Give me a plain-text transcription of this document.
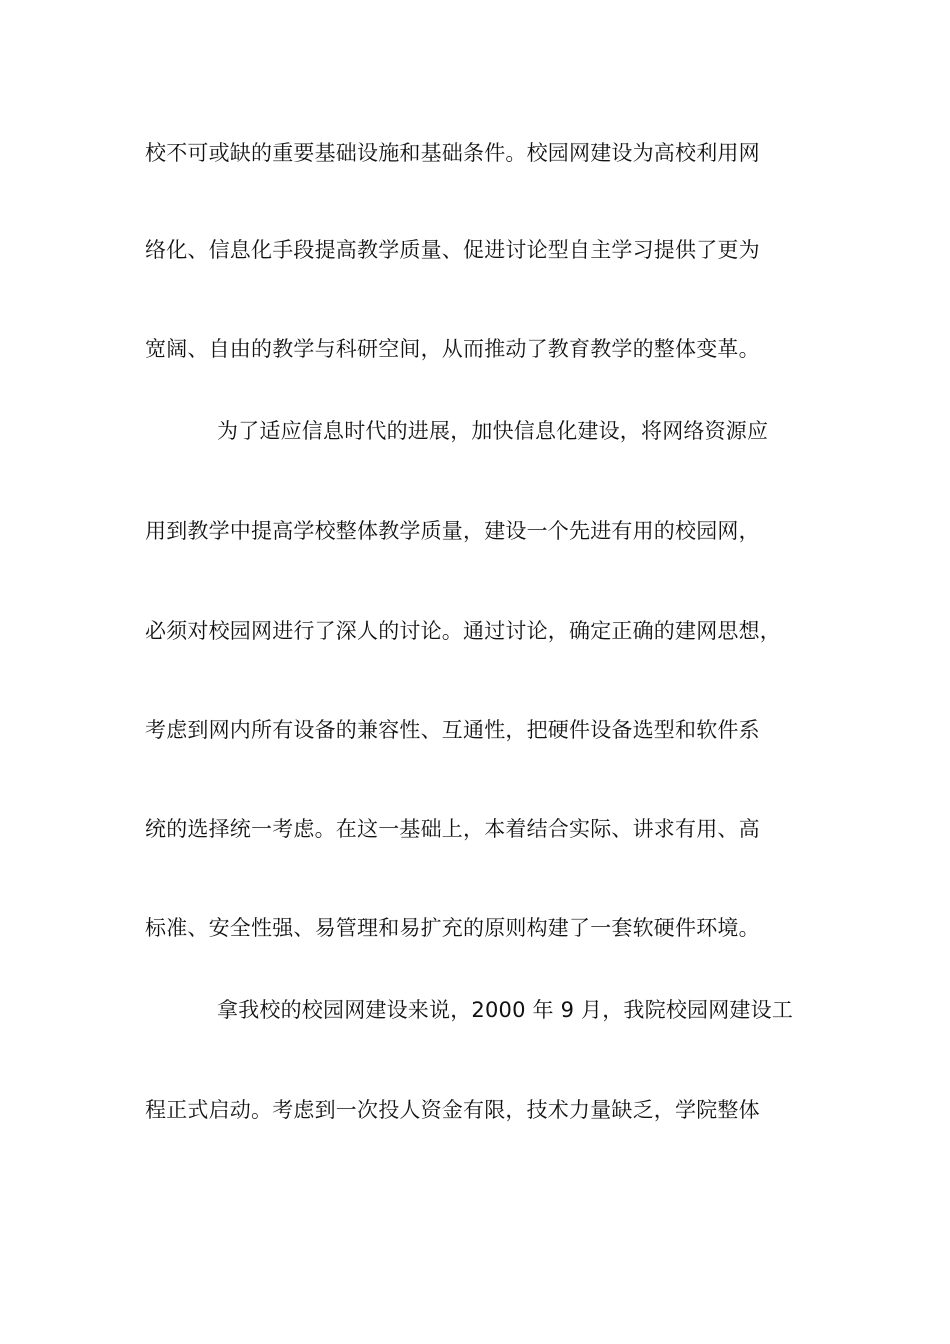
校不可或缺的重要基础设施和基础条件。校园网建设为高校利用网
络化、信息化手段提高教学质量、促进讨论型自主学习提供了更为
宽阔、自由的教学与科研空间，从而推动了教育教学的整体变革。
为了适应信息时代的进展，加快信息化建设，将网络资源应
用到教学中提高学校整体教学质量，建设一个先进有用的校园网，
必须对校园网进行了深人的讨论。通过讨论，确定正确的建网思想，
考虑到网内所有设备的兼容性、互通性，把硬件设备选型和软件系
统的选择统一考虑。在这一基础上，本着结合实际、讲求有用、高
标准、安全性强、易管理和易扩充的原则构建了一套软硬件环境。
拿我校的校园网建设来说，2000 年 9 月，我院校园网建设工
程正式启动。考虑到一次投人资金有限，技术力量缺乏，学院整体
